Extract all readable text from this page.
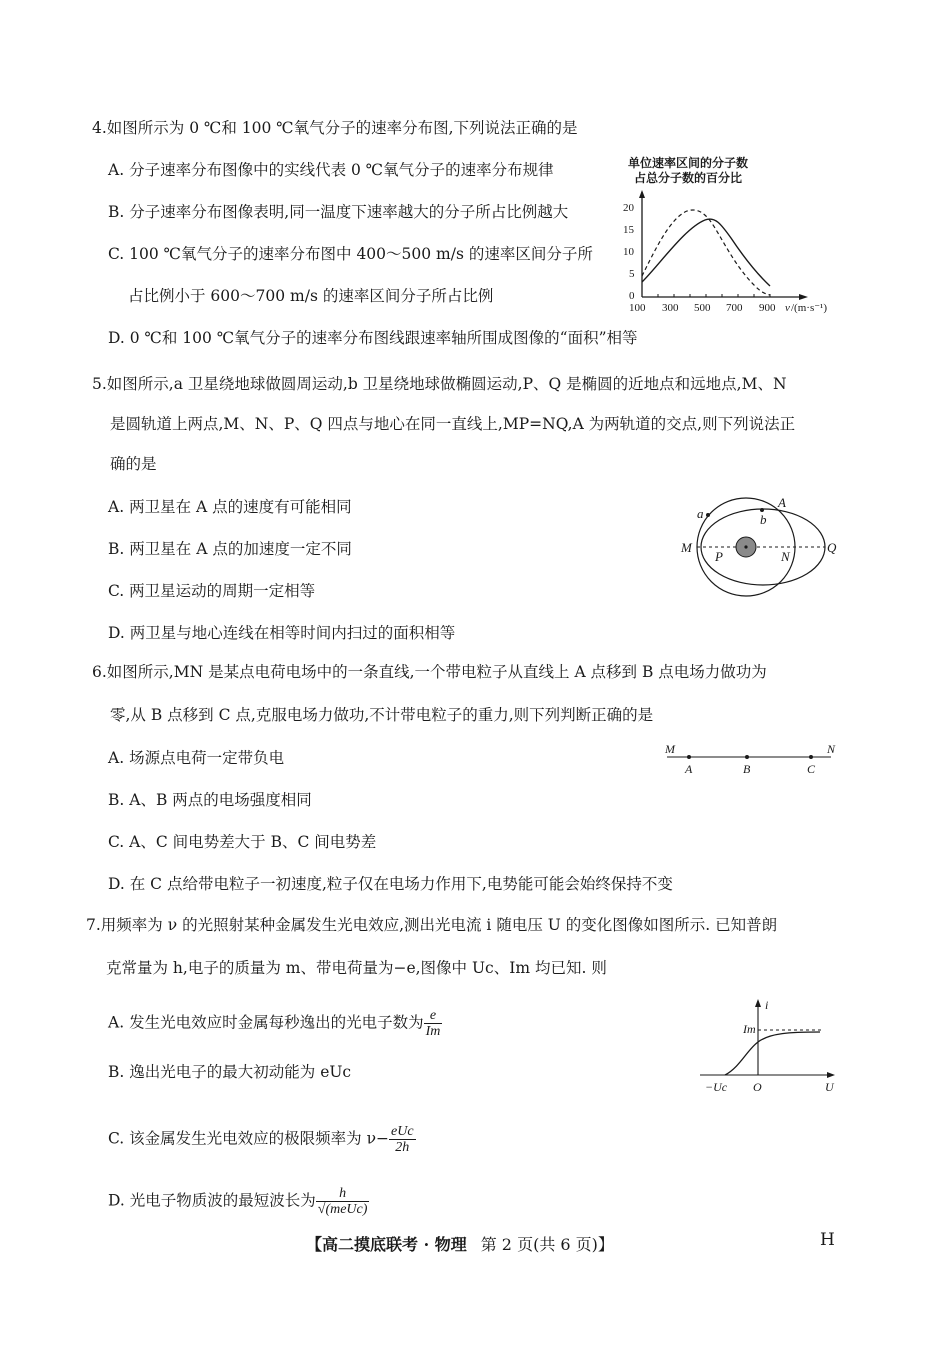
4.如图所示为 0 ℃和 100 ℃氧气分子的速率分布图,下列说法正确的是
A. 分子速率分布图像中的实线代表 0 ℃氧气分子的速率分布规律
B. 分子速率分布图像表明,同一温度下速率越大的分子所占比例越大
C. 100 ℃氧气分子的速率分布图中 400～500 m/s 的速率区间分子所
占比例小于 600～700 m/s 的速率区间分子所占比例
D. 0 ℃和 100 ℃氧气分子的速率分布图线跟速率轴所围成图像的“面积”相等
单位速率区间的分子数
占总分子数的百分比
20
15
10
5
0
100 300 500 700 900 v /(m·s⁻¹)
5.如图所示,a 卫星绕地球做圆周运动,b 卫星绕地球做椭圆运动,P、Q 是椭圆的近地点和远地点,M、N
是圆轨道上两点,M、N、P、Q 四点与地心在同一直线上,MP=NQ,A 为两轨道的交点,则下列说法正
确的是
A. 两卫星在 A 点的速度有可能相同
B. 两卫星在 A 点的加速度一定不同
C. 两卫星运动的周期一定相等
D. 两卫星与地心连线在相等时间内扫过的面积相等
a	b
A
M
P	N
Q
6.如图所示,MN 是某点电荷电场中的一条直线,一个带电粒子从直线上 A 点移到 B 点电场力做功为
零,从 B 点移到 C 点,克服电场力做功,不计带电粒子的重力,则下列判断正确的是
A. 场源点电荷一定带负电
B. A、B 两点的电场强度相同
C. A、C 间电势差大于 B、C 间电势差
D. 在 C 点给带电粒子一初速度,粒子仅在电场力作用下,电势能可能会始终保持不变
M	N
A	B	C
7.用频率为 ν 的光照射某种金属发生光电效应,测出光电流 i 随电压 U 的变化图像如图所示. 已知普朗
克常量为 h,电子的质量为 m、带电荷量为−e,图像中 Uc、Im 均已知. 则
A. 发生光电效应时金属每秒逸出的光电子数为 $\frac{e}{Im}$
B. 逸出光电子的最大初动能为 eUc
C. 该金属发生光电效应的极限频率为 $\nu- \frac{\text{eUc}}{2h}$
D. 光电子物质波的最短波长为 $\frac{h}{\text{√(meUc)}}$
i
Im
−Uc O	U
【高二摸底联考 · 物理 第 2 页(共 6 页)】	H
